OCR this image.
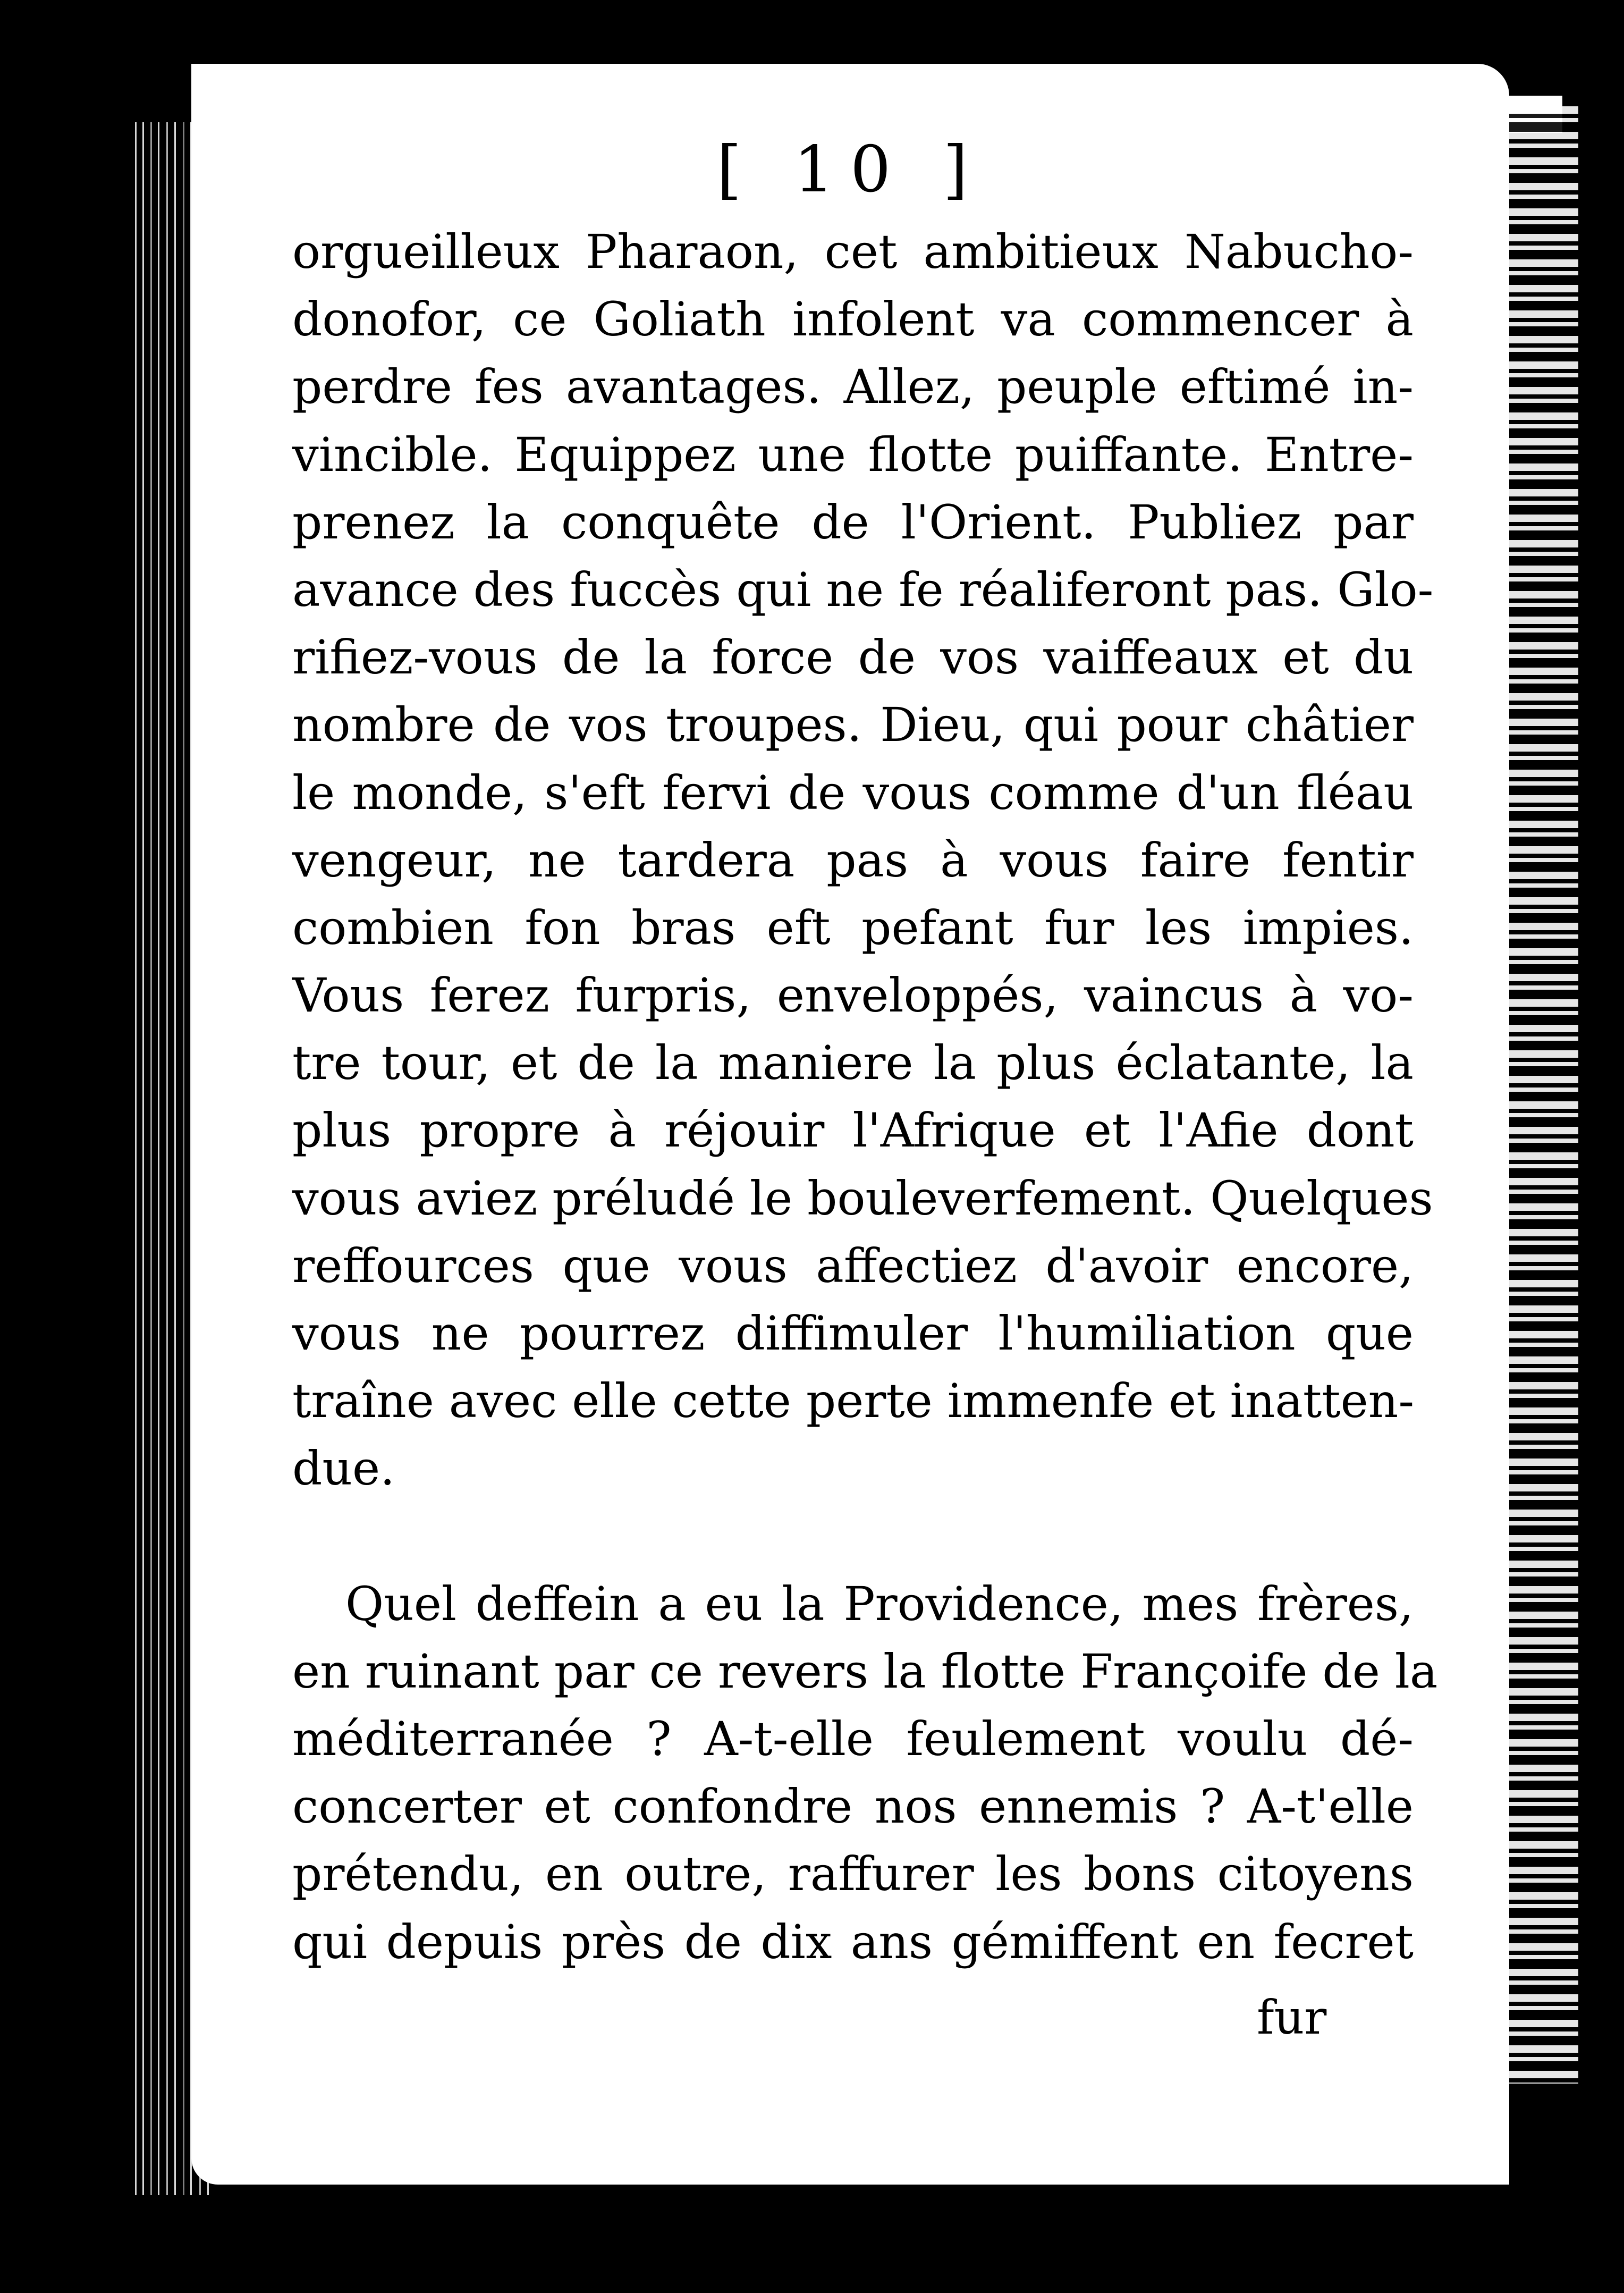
[ 10 ]
orgueilleux Pharaon, cet ambitieux Nabucho-
donofor, ce Goliath infolent va commencer à
perdre fes avantages. Allez, peuple eftimé in-
vincible. Equippez une flotte puiffante. Entre-
prenez la conquête de l'Orient. Publiez par
avance des fuccès qui ne fe réaliferont pas. Glo-
rifiez-vous de la force de vos vaiffeaux et du
nombre de vos troupes. Dieu, qui pour châtier
le monde, s'eft fervi de vous comme d'un fléau
vengeur, ne tardera pas à vous faire fentir
combien fon bras eft pefant fur les impies.
Vous ferez furpris, enveloppés, vaincus à vo-
tre tour, et de la maniere la plus éclatante, la
plus propre à réjouir l'Afrique et l'Afie dont
vous aviez préludé le bouleverfement. Quelques
reffources que vous affectiez d'avoir encore,
vous ne pourrez diffimuler l'humiliation que
traîne avec elle cette perte immenfe et inatten-
due.
Quel deffein a eu la Providence, mes frères,
en ruinant par ce revers la flotte Françoife de la
méditerranée ? A-t-elle feulement voulu dé-
concerter et confondre nos ennemis ? A-t'elle
prétendu, en outre, raffurer les bons citoyens
qui depuis près de dix ans gémiffent en fecret
fur
